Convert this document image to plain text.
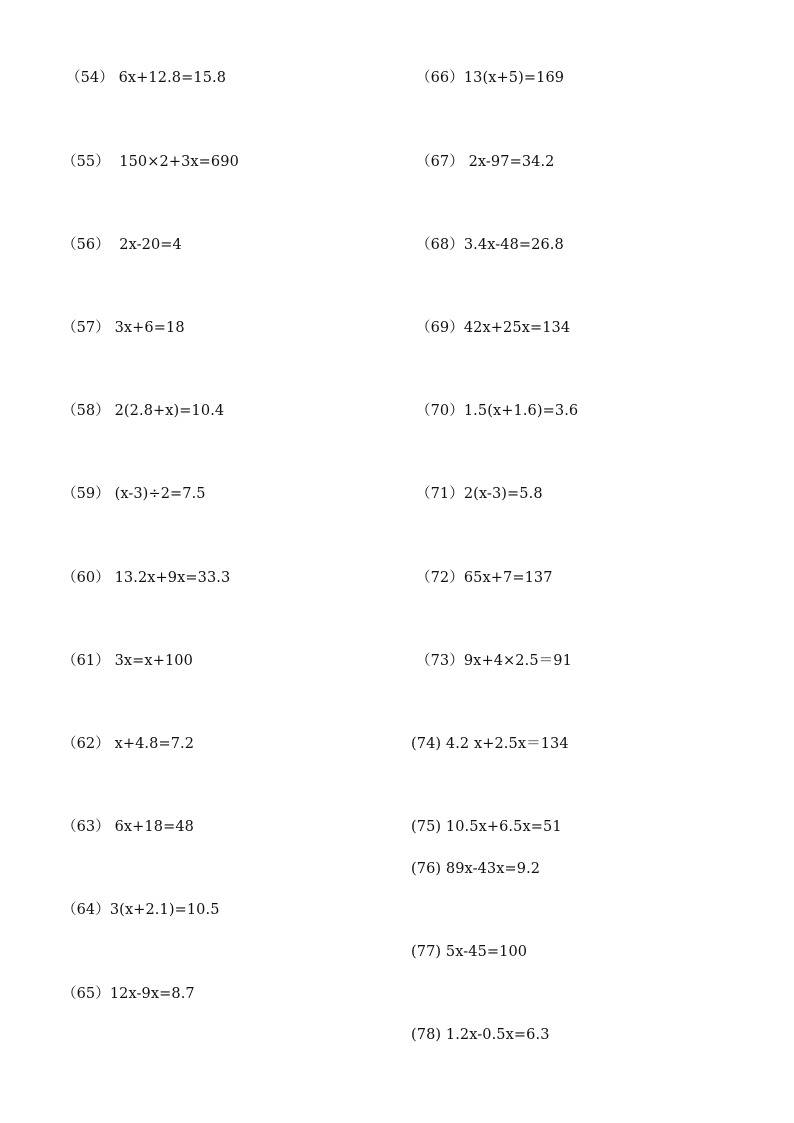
（54） 6x+12.8=15.8
（55） 150×2+3x=690
（56） 2x-20=4
（57） 3x+6=18
（58） 2(2.8+x)=10.4
（59） (x-3)÷2=7.5
（60） 13.2x+9x=33.3
（61） 3x=x+100
（62） x+4.8=7.2
（63） 6x+18=48
（64）3(x+2.1)=10.5
（65）12x-9x=8.7
（66）13(x+5)=169
（67） 2x-97=34.2
（68）3.4x-48=26.8
（69）42x+25x=134
（70）1.5(x+1.6)=3.6
（71）2(x-3)=5.8
（72）65x+7=137
（73）9x+4×2.5＝91
(74) 4.2 x+2.5x＝134
(75) 10.5x+6.5x=51
(76) 89x-43x=9.2
(77) 5x-45=100
(78) 1.2x-0.5x=6.3
